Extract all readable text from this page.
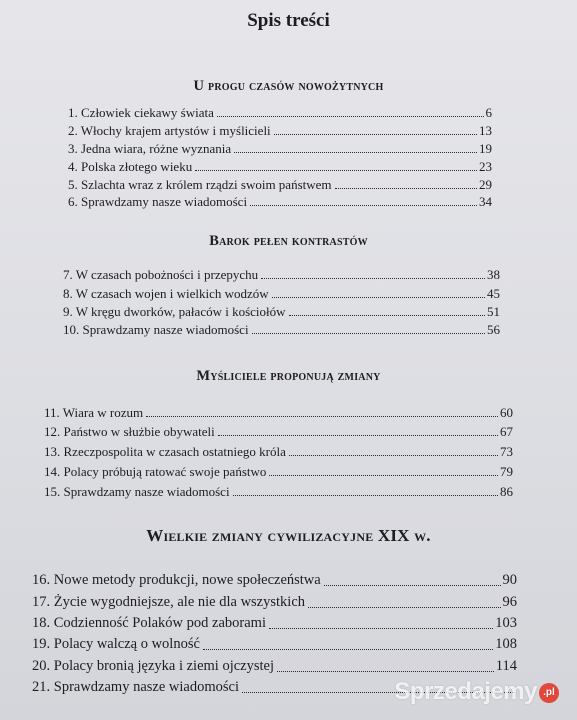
Spis treści
U progu czasów nowożytnych
Barok pełen kontrastów
Myśliciele proponują zmiany
Wielkie zmiany cywilizacyjne XIX w.
1. Człowiek ciekawy świata	6
2. Włochy krajem artystów i myślicieli	13
3. Jedna wiara, różne wyznania	19
4. Polska złotego wieku	23
5. Szlachta wraz z królem rządzi swoim państwem	29
6. Sprawdzamy nasze wiadomości	34
7. W czasach pobożności i przepychu	38
8. W czasach wojen i wielkich wodzów	45
9. W kręgu dworków, pałaców i kościołów	51
10. Sprawdzamy nasze wiadomości	56
11. Wiara w rozum	60
12. Państwo w służbie obywateli	67
13. Rzeczpospolita w czasach ostatniego króla	73
14. Polacy próbują ratować swoje państwo	79
15. Sprawdzamy nasze wiadomości	86
16. Nowe metody produkcji, nowe społeczeństwa	90
17. Życie wygodniejsze, ale nie dla wszystkich	96
18. Codzienność Polaków pod zaborami	103
19. Polacy walczą o wolność	108
20. Polacy bronią języka i ziemi ojczystej	114
21. Sprawdzamy nasze wiadomości	Sprzedajemy .pl
